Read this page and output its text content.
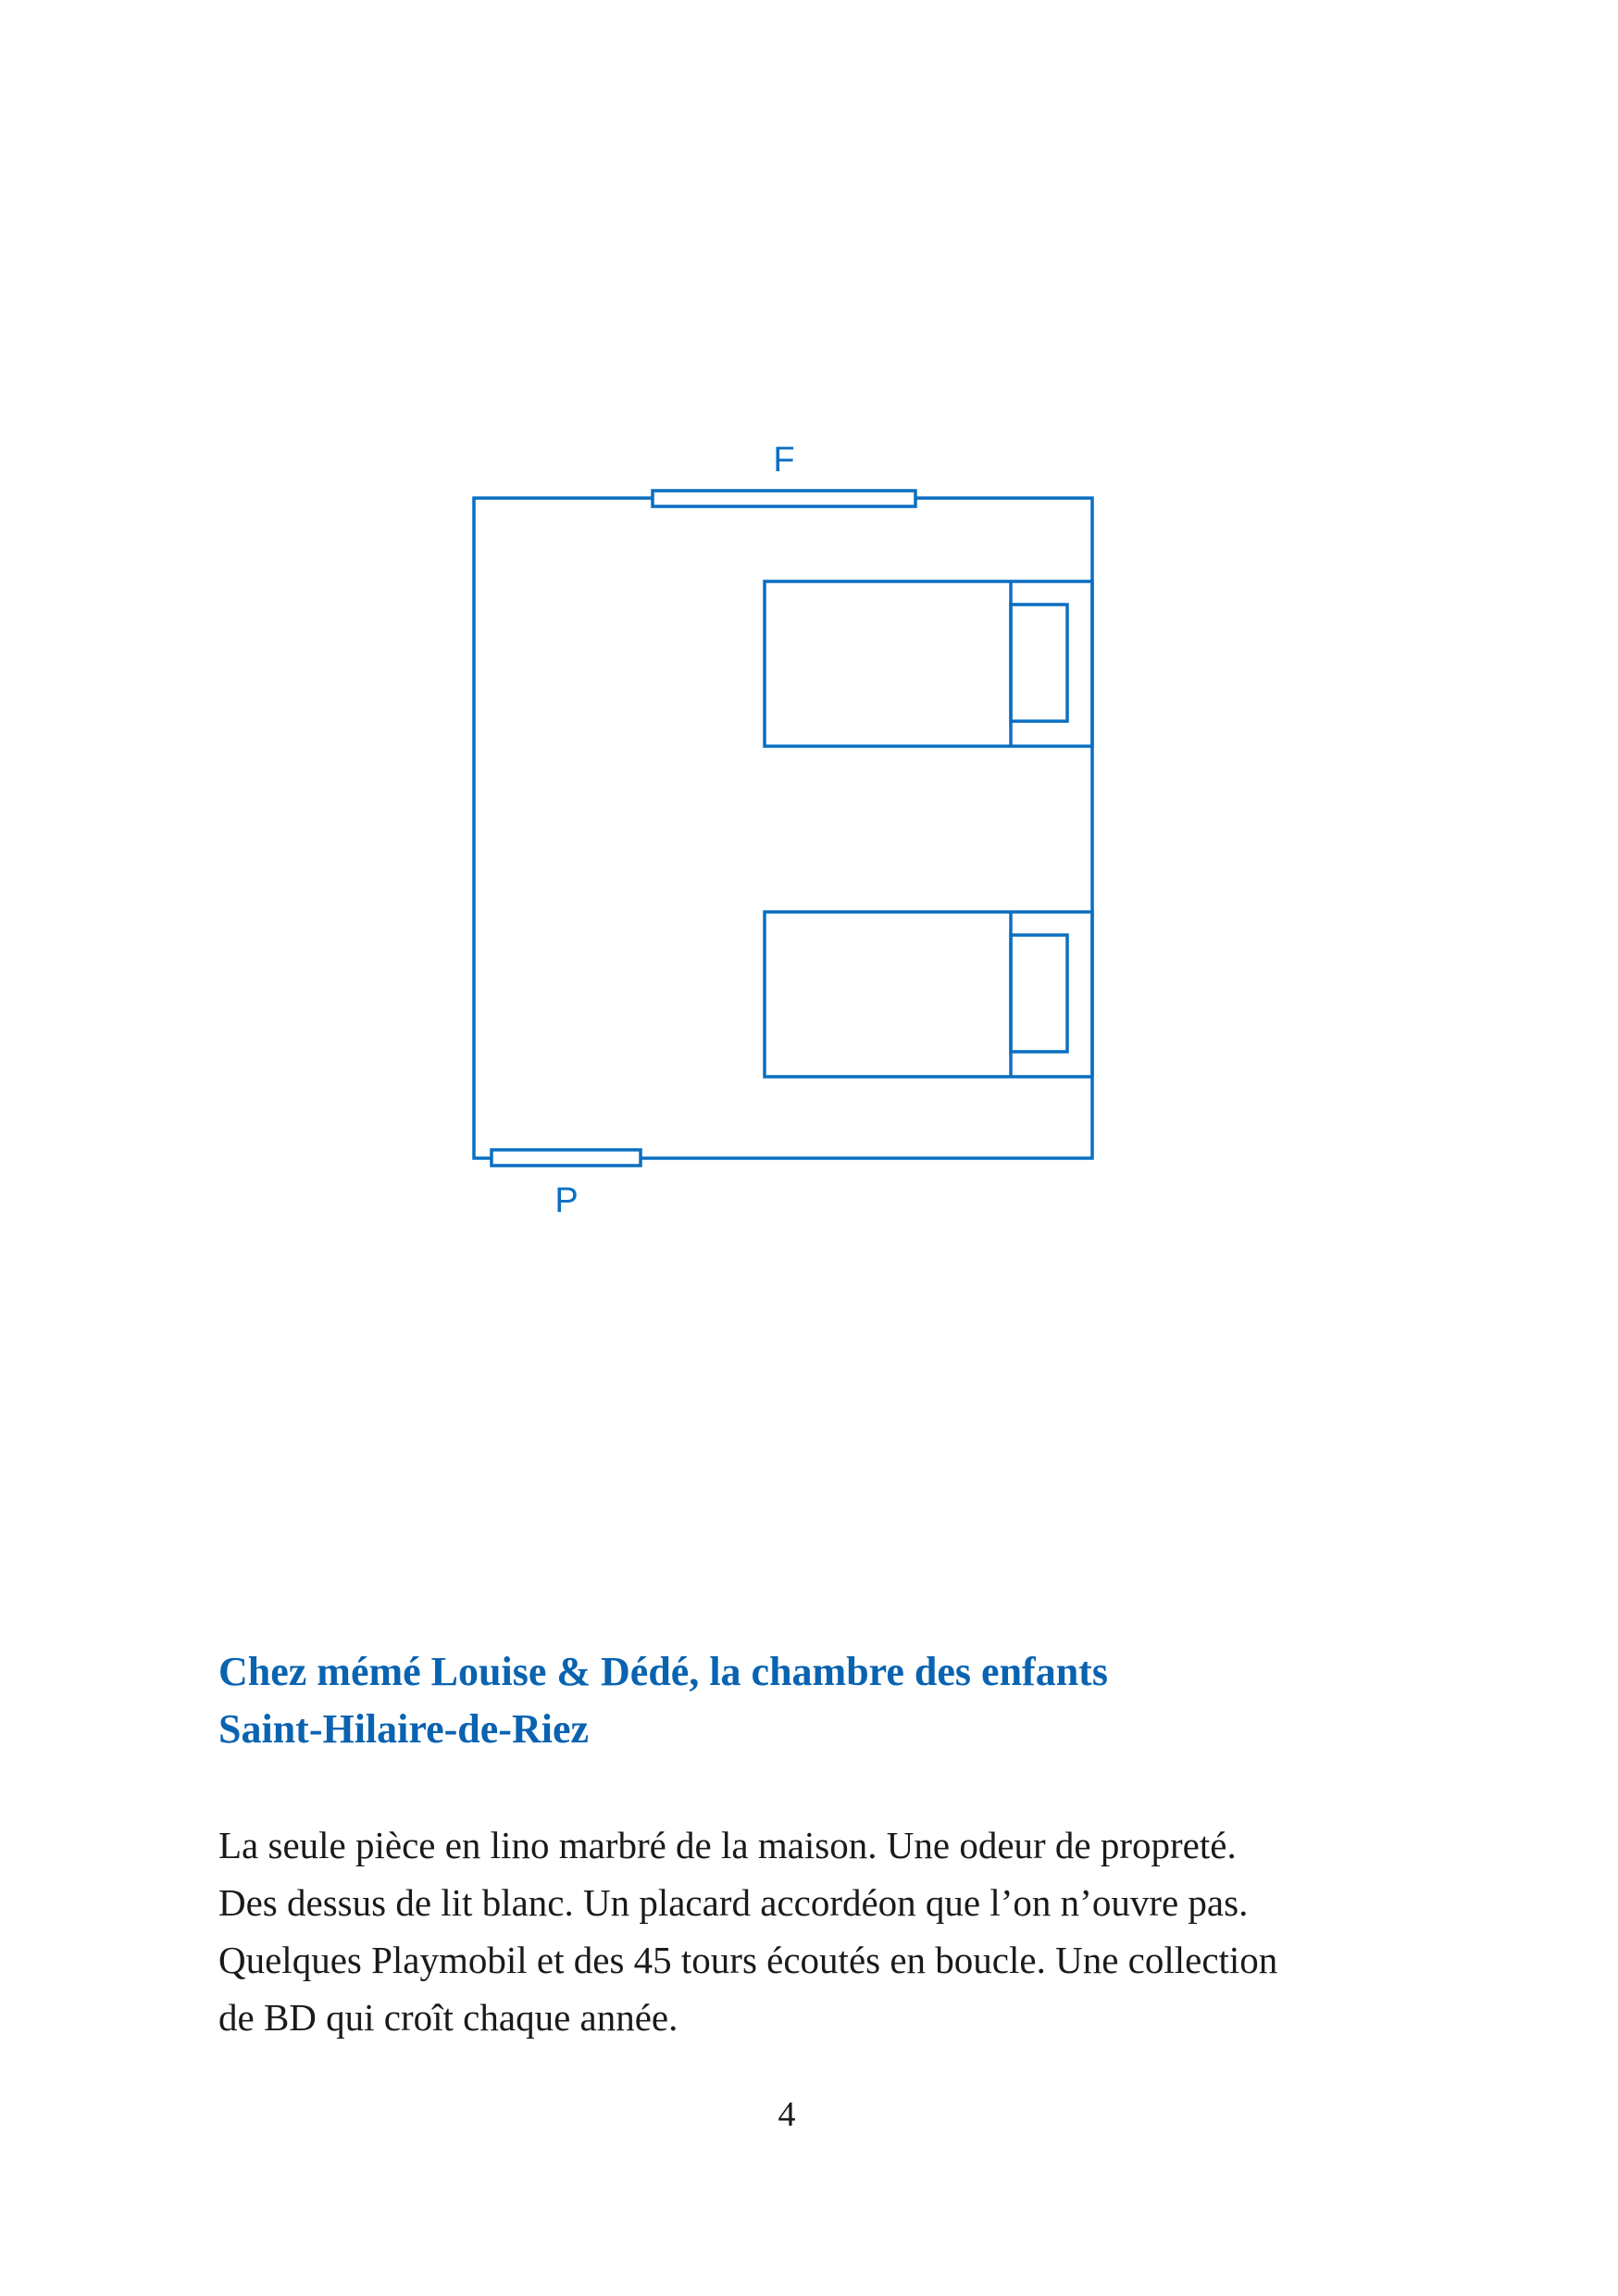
F
P
Chez mémé Louise & Dédé, la chambre des enfants
Saint-Hilaire-de-Riez
La seule pièce en lino marbré de la maison. Une odeur de propreté.
Des dessus de lit blanc. Un placard accordéon que l’on n’ouvre pas.
Quelques Playmobil et des 45 tours écoutés en boucle. Une collection
de BD qui croît chaque année.
4
